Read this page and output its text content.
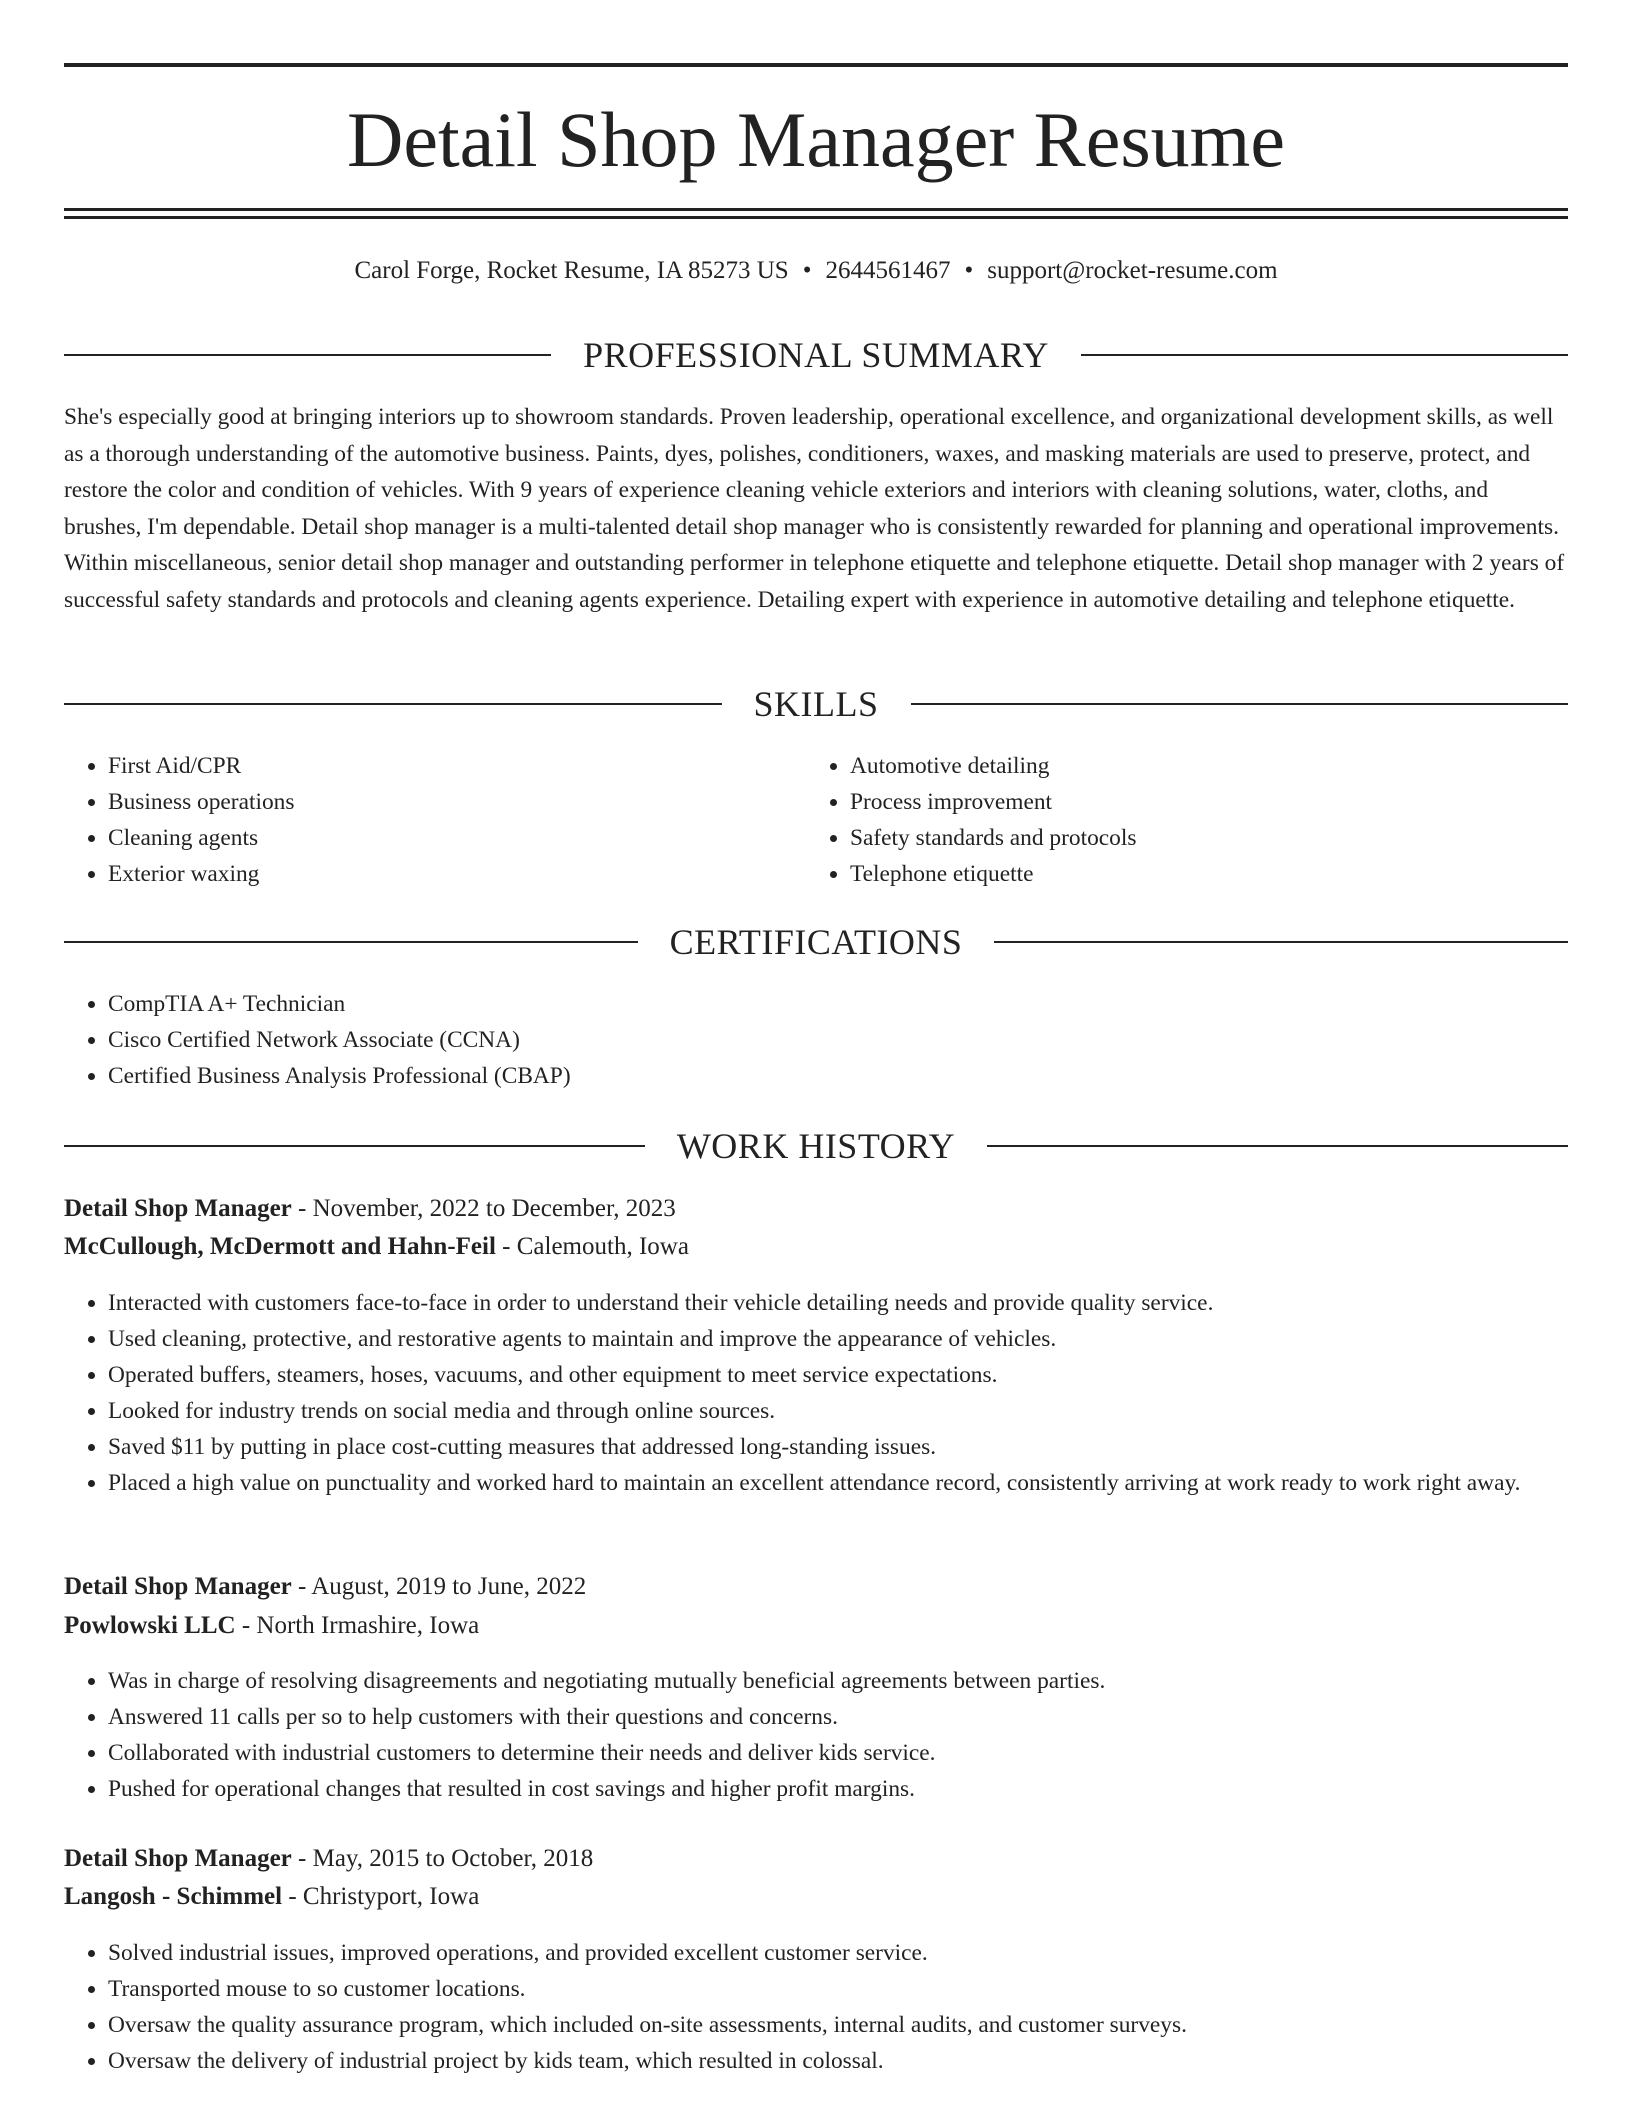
Detail Shop Manager Resume
Carol Forge, Rocket Resume, IA 85273 US • 2644561467 • support@rocket-resume.com
PROFESSIONAL SUMMARY

She's especially good at bringing interiors up to showroom standards. Proven leadership, operational excellence, and organizational development skills, as well as a thorough understanding of the automotive business. Paints, dyes, polishes, conditioners, waxes, and masking materials are used to preserve, protect, and restore the color and condition of vehicles. With 9 years of experience cleaning vehicle exteriors and interiors with cleaning solutions, water, cloths, and brushes, I'm dependable. Detail shop manager is a multi-talented detail shop manager who is consistently rewarded for planning and operational improvements. Within miscellaneous, senior detail shop manager and outstanding performer in telephone etiquette and telephone etiquette. Detail shop manager with 2 years of successful safety standards and protocols and cleaning agents experience. Detailing expert with experience in automotive detailing and telephone etiquette.

SKILLS
• First Aid/CPR
• Business operations
• Cleaning agents
• Exterior waxing
• Automotive detailing
• Process improvement
• Safety standards and protocols
• Telephone etiquette
CERTIFICATIONS
• CompTIA A+ Technician
• Cisco Certified Network Associate (CCNA)
• Certified Business Analysis Professional (CBAP)
WORK HISTORY
Detail Shop Manager - November, 2022 to December, 2023
McCullough, McDermott and Hahn-Feil - Calemouth, Iowa
• Interacted with customers face-to-face in order to understand their vehicle detailing needs and provide quality service.
• Used cleaning, protective, and restorative agents to maintain and improve the appearance of vehicles.
• Operated buffers, steamers, hoses, vacuums, and other equipment to meet service expectations.
• Looked for industry trends on social media and through online sources.
• Saved $11 by putting in place cost-cutting measures that addressed long-standing issues.
• Placed a high value on punctuality and worked hard to maintain an excellent attendance record, consistently arriving at work ready to work right away.
Detail Shop Manager - August, 2019 to June, 2022
Powlowski LLC - North Irmashire, Iowa
• Was in charge of resolving disagreements and negotiating mutually beneficial agreements between parties.
• Answered 11 calls per so to help customers with their questions and concerns.
• Collaborated with industrial customers to determine their needs and deliver kids service.
• Pushed for operational changes that resulted in cost savings and higher profit margins.
Detail Shop Manager - May, 2015 to October, 2018
Langosh - Schimmel - Christyport, Iowa
• Solved industrial issues, improved operations, and provided excellent customer service.
• Transported mouse to so customer locations.
• Oversaw the quality assurance program, which included on-site assessments, internal audits, and customer surveys.
• Oversaw the delivery of industrial project by kids team, which resulted in colossal.
